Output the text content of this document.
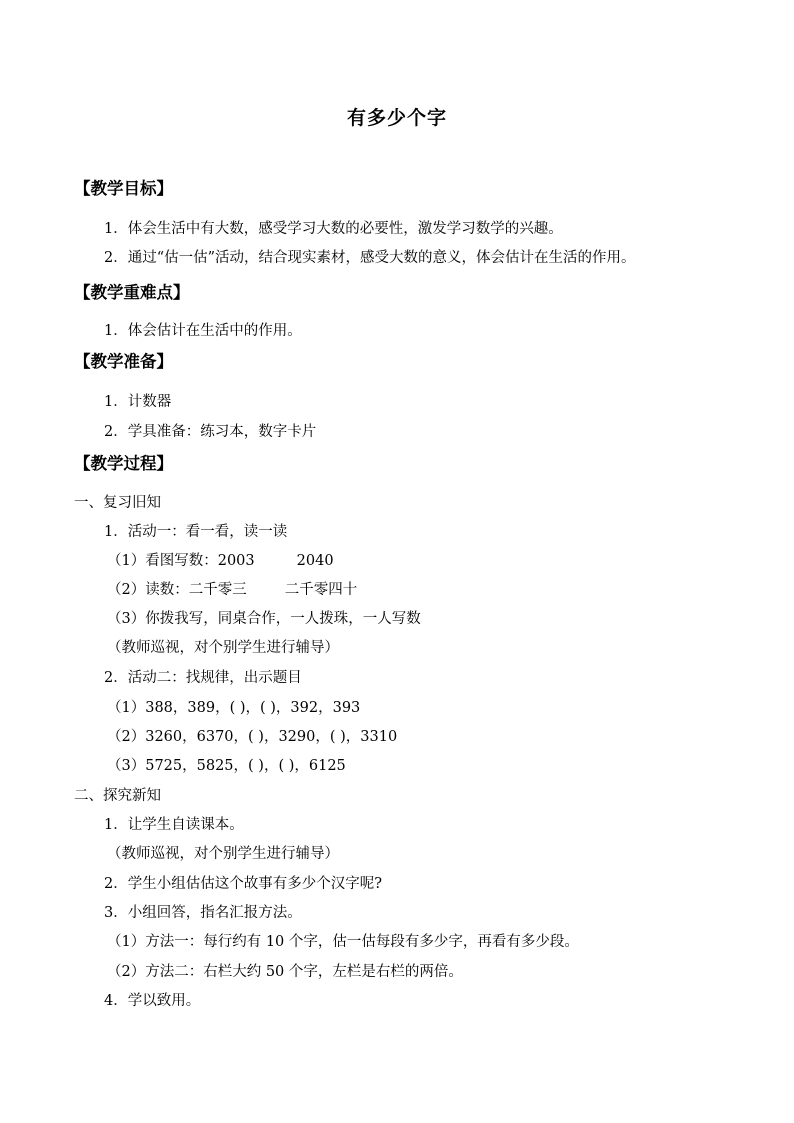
有多少个字
【教学目标】
1．体会生活中有大数，感受学习大数的必要性，激发学习数学的兴趣。
2．通过“估一估”活动，结合现实素材，感受大数的意义，体会估计在生活的作用。
【教学重难点】
1．体会估计在生活中的作用。
【教学准备】
1．计数器
2．学具准备：练习本，数字卡片
【教学过程】
一、复习旧知
1．活动一：看一看，读一读
（1）看图写数：2003	2040
（2）读数：二千零三	二千零四十
（3）你拨我写，同桌合作，一人拨珠，一人写数
（教师巡视，对个别学生进行辅导）
2．活动二：找规律，出示题目
（1）388，389，( )，( )，392，393
（2）3260，6370，( )，3290，( )，3310
（3）5725，5825，( )，( )，6125
二、探究新知
1．让学生自读课本。
（教师巡视，对个别学生进行辅导）
2．学生小组估估这个故事有多少个汉字呢?
3．小组回答，指名汇报方法。
（1）方法一：每行约有 10 个字，估一估每段有多少字，再看有多少段。
（2）方法二：右栏大约 50 个字，左栏是右栏的两倍。
4．学以致用。
